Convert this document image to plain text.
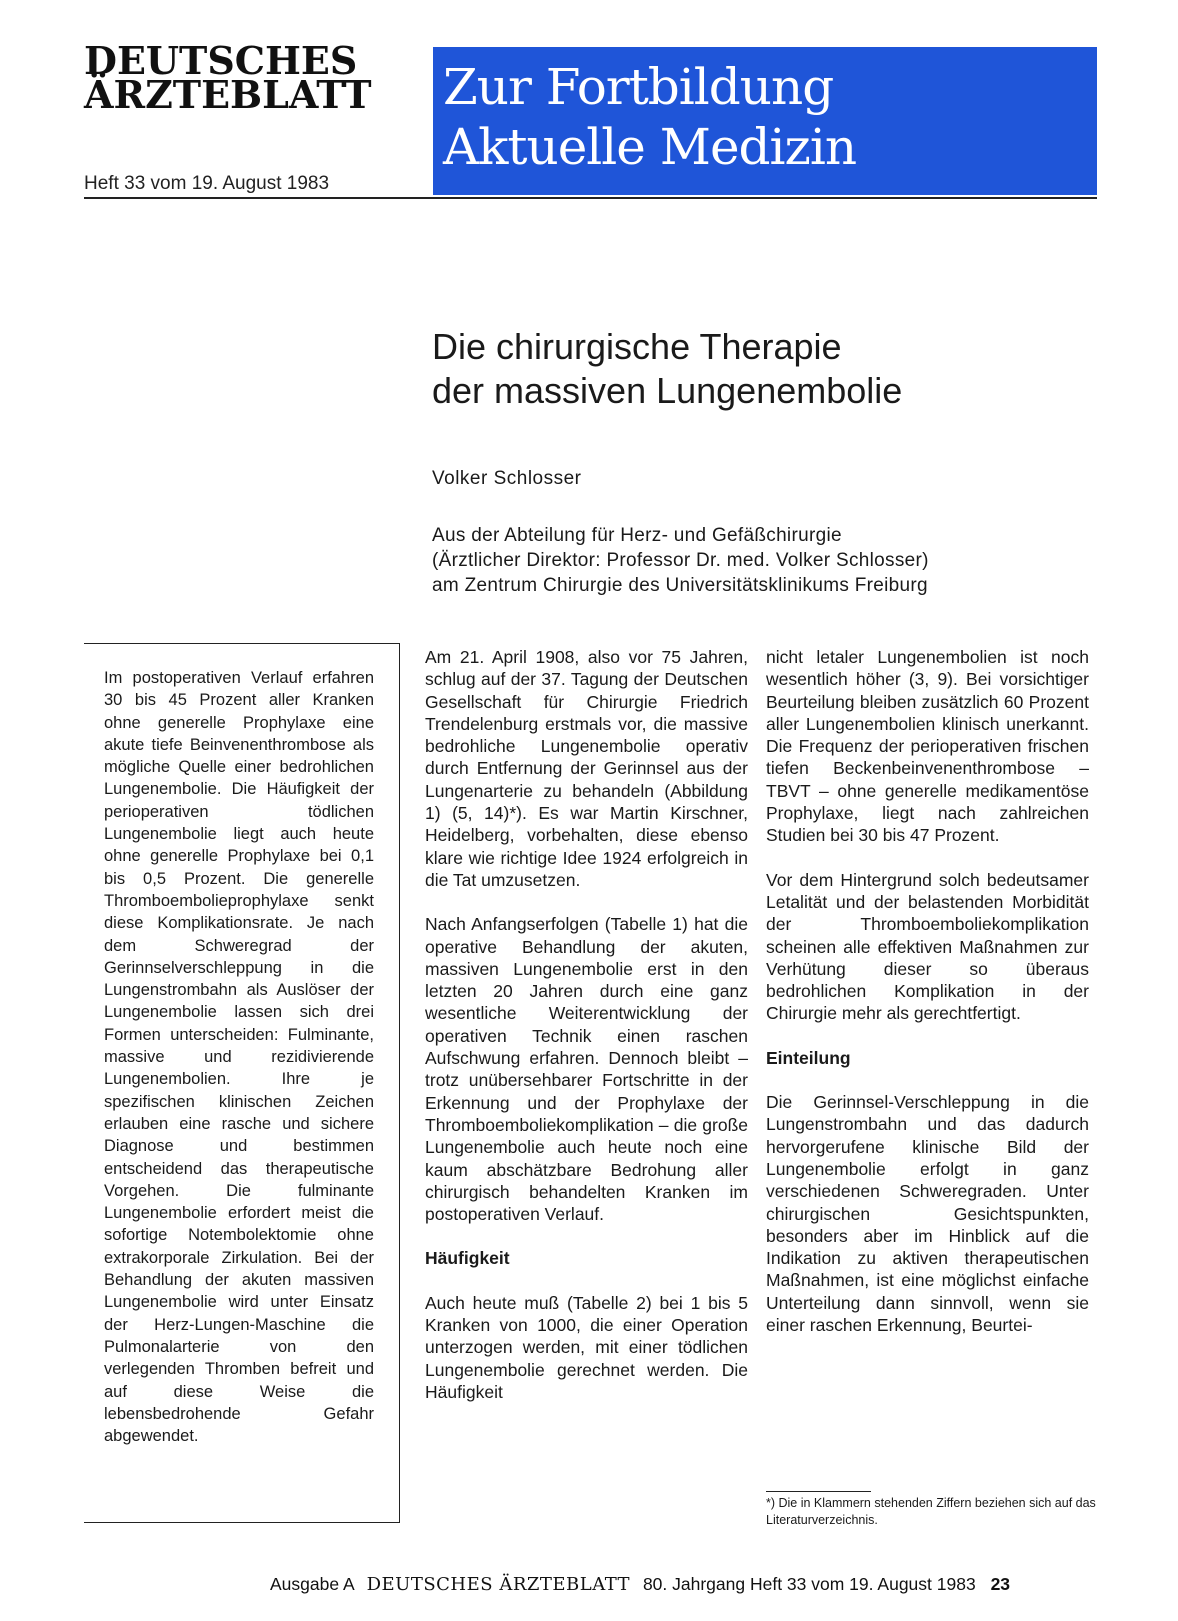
DEUTSCHES
ÄRZTEBLATT
Heft 33 vom 19. August 1983
Zur Fortbildung
Aktuelle Medizin
Die chirurgische Therapie
der massiven Lungenembolie
Volker Schlosser
Aus der Abteilung für Herz- und Gefäßchirurgie
(Ärztlicher Direktor: Professor Dr. med. Volker Schlosser)
am Zentrum Chirurgie des Universitätsklinikums Freiburg
Im postoperativen Verlauf erfahren 30 bis 45 Prozent aller Kranken ohne generelle Prophylaxe eine akute tiefe Beinvenenthrombose als mögliche Quelle einer bedrohlichen Lungenembolie. Die Häufigkeit der perioperativen tödlichen Lungenembolie liegt auch heute ohne generelle Prophylaxe bei 0,1 bis 0,5 Prozent. Die generelle Thromboembolieprophylaxe senkt diese Komplikationsrate. Je nach dem Schweregrad der Gerinnselverschleppung in die Lungenstrombahn als Auslöser der Lungenembolie lassen sich drei Formen unterscheiden: Fulminante, massive und rezidivierende Lungenembolien. Ihre je spezifischen klinischen Zeichen erlauben eine rasche und sichere Diagnose und bestimmen entscheidend das therapeutische Vorgehen. Die fulminante Lungenembolie erfordert meist die sofortige Notembolektomie ohne extrakorporale Zirkulation. Bei der Behandlung der akuten massiven Lungenembolie wird unter Einsatz der Herz-Lungen-Maschine die Pulmonalarterie von den verlegenden Thromben befreit und auf diese Weise die lebensbedrohende Gefahr abgewendet.

Am 21. April 1908, also vor 75 Jahren, schlug auf der 37. Tagung der Deutschen Gesellschaft für Chirurgie Friedrich Trendelenburg erstmals vor, die massive bedrohliche Lungenembolie operativ durch Entfernung der Gerinnsel aus der Lungenarterie zu behandeln (Abbildung 1) (5, 14)*). Es war Martin Kirschner, Heidelberg, vorbehalten, diese ebenso klare wie richtige Idee 1924 erfolgreich in die Tat umzusetzen.

Nach Anfangserfolgen (Tabelle 1) hat die operative Behandlung der akuten, massiven Lungenembolie erst in den letzten 20 Jahren durch eine ganz wesentliche Weiterentwicklung der operativen Technik einen raschen Aufschwung erfahren. Dennoch bleibt – trotz unübersehbarer Fortschritte in der Erkennung und der Prophylaxe der Thromboemboliekomplikation – die große Lungenembolie auch heute noch eine kaum abschätzbare Bedrohung aller chirurgisch behandelten Kranken im postoperativen Verlauf.

Häufigkeit

Auch heute muß (Tabelle 2) bei 1 bis 5 Kranken von 1000, die einer Operation unterzogen werden, mit einer tödlichen Lungenembolie gerechnet werden. Die Häufigkeit

nicht letaler Lungenembolien ist noch wesentlich höher (3, 9). Bei vorsichtiger Beurteilung bleiben zusätzlich 60 Prozent aller Lungenembolien klinisch unerkannt. Die Frequenz der perioperativen frischen tiefen Beckenbeinvenenthrombose – TBVT – ohne generelle medikamentöse Prophylaxe, liegt nach zahlreichen Studien bei 30 bis 47 Prozent.

Vor dem Hintergrund solch bedeutsamer Letalität und der belastenden Morbidität der Thromboemboliekomplikation scheinen alle effektiven Maßnahmen zur Verhütung dieser so überaus bedrohlichen Komplikation in der Chirurgie mehr als gerechtfertigt.

Einteilung

Die Gerinnsel-Verschleppung in die Lungenstrombahn und das dadurch hervorgerufene klinische Bild der Lungenembolie erfolgt in ganz verschiedenen Schweregraden. Unter chirurgischen Gesichtspunkten, besonders aber im Hinblick auf die Indikation zu aktiven therapeutischen Maßnahmen, ist eine möglichst einfache Unterteilung dann sinnvoll, wenn sie einer raschen Erkennung, Beurtei-

*) Die in Klammern stehenden Ziffern beziehen sich auf das Literaturverzeichnis.
Ausgabe A DEUTSCHES ÄRZTEBLATT 80. Jahrgang Heft 33 vom 19. August 1983 23
